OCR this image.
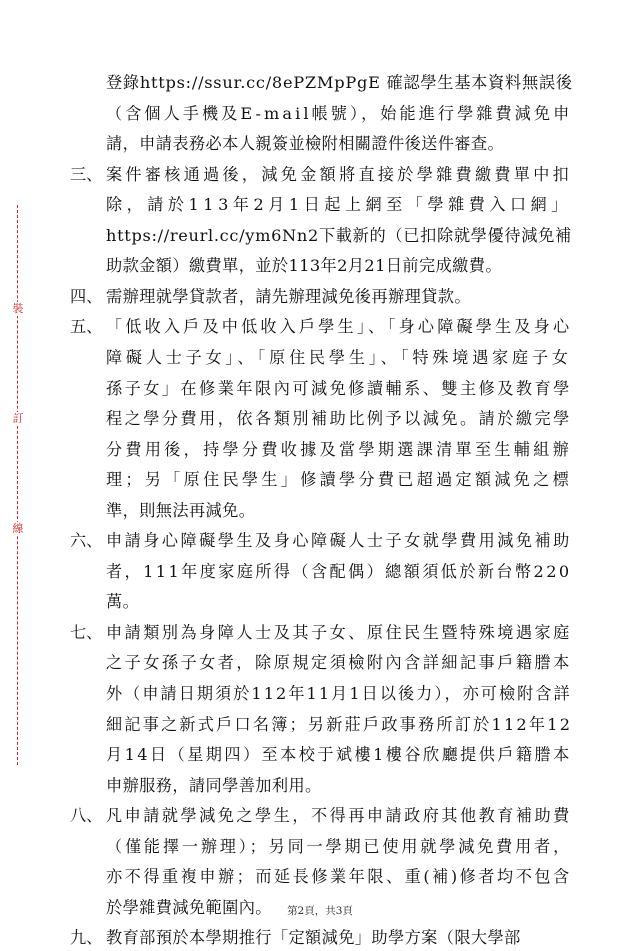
裝
訂
線
登錄https://ssur.cc/8ePZMpPgE 確認學生基本資料無誤後
（含個人手機及E-mail帳號），始能進行學雜費減免申
請，申請表務必本人親簽並檢附相關證件後送件審查。
三、 案件審核通過後，減免金額將直接於學雜費繳費單中扣
除，請於113年2月1日起上網至「學雜費入口網」
https://reurl.cc/ym6Nn2下載新的（已扣除就學優待減免補
助款金額）繳費單，並於113年2月21日前完成繳費。
四、 需辦理就學貸款者，請先辦理減免後再辦理貸款。
五、 「低收入戶及中低收入戶學生」、「身心障礙學生及身心
障礙人士子女」、「原住民學生」、「特殊境遇家庭子女
孫子女」在修業年限內可減免修讀輔系、雙主修及教育學
程之學分費用，依各類別補助比例予以減免。請於繳完學
分費用後，持學分費收據及當學期選課清單至生輔組辦
理；另「原住民學生」修讀學分費已超過定額減免之標
準，則無法再減免。
六、 申請身心障礙學生及身心障礙人士子女就學費用減免補助
者，111年度家庭所得（含配偶）總額須低於新台幣220
萬。
七、 申請類別為身障人士及其子女、原住民生暨特殊境遇家庭
之子女孫子女者，除原規定須檢附內含詳細記事戶籍謄本
外（申請日期須於112年11月1日以後力），亦可檢附含詳
細記事之新式戶口名簿；另新莊戶政事務所訂於112年12
月14日（星期四）至本校于斌樓1樓谷欣廳提供戶籍謄本
申辦服務，請同學善加利用。
八、 凡申請就學減免之學生，不得再申請政府其他教育補助費
（僅能擇一辦理）；另同一學期已使用就學減免費用者，
亦不得重複申辦；而延長修業年限、重(補)修者均不包含
於學雜費減免範圍內。
九、 教育部預於本學期推行「定額減免」助學方案（限大學部
第2頁，共3頁
